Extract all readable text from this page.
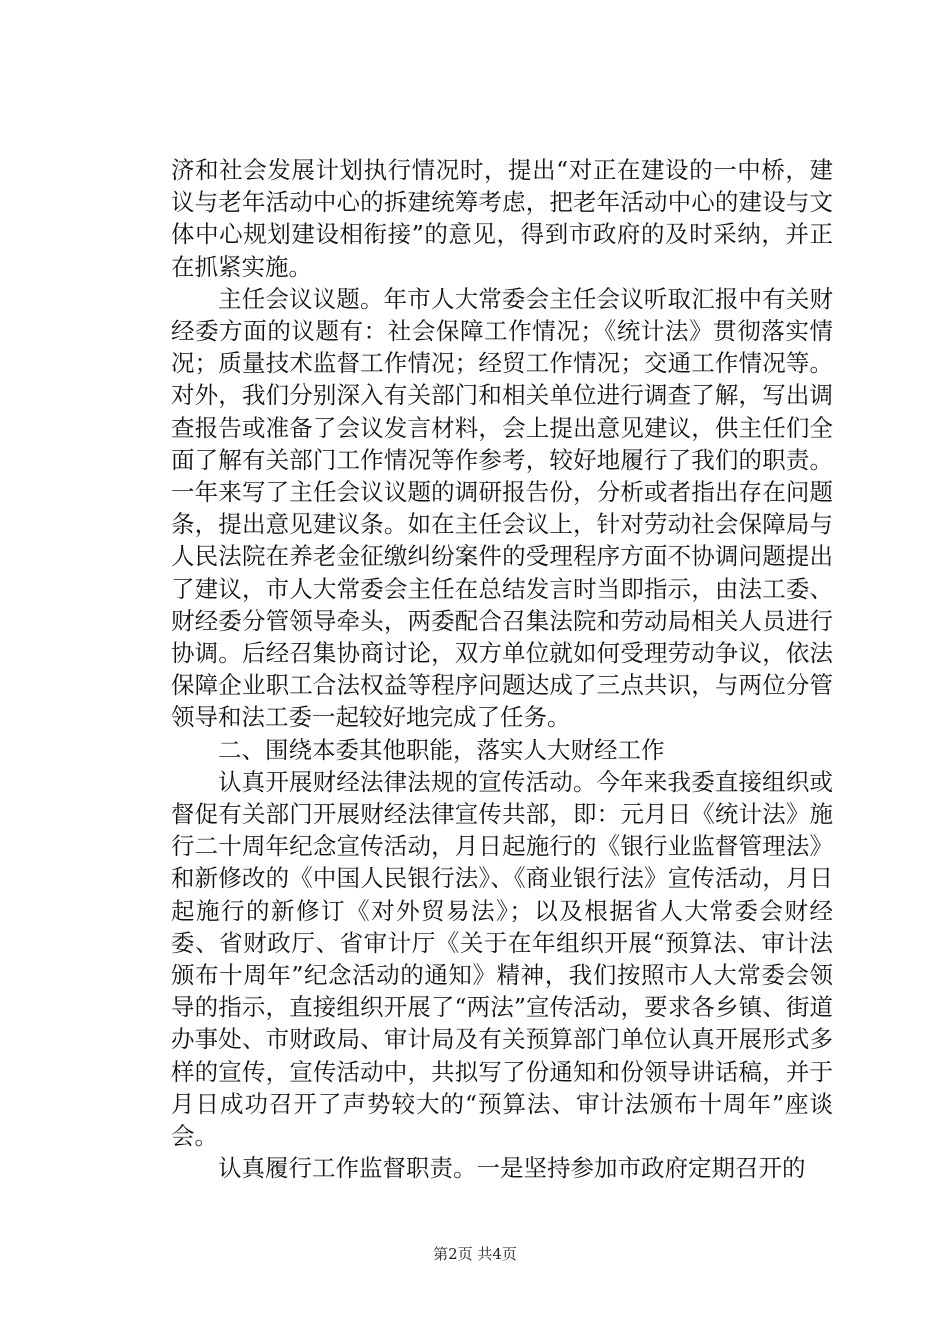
济和社会发展计划执行情况时，提出“对正在建设的一中桥，建议与老年活动中心的拆建统筹考虑，把老年活动中心的建设与文体中心规划建设相衔接”的意见，得到市政府的及时采纳，并正在抓紧实施。

主任会议议题。年市人大常委会主任会议听取汇报中有关财经委方面的议题有：社会保障工作情况；《统计法》贯彻落实情况；质量技术监督工作情况；经贸工作情况；交通工作情况等。对外，我们分别深入有关部门和相关单位进行调查了解，写出调查报告或准备了会议发言材料，会上提出意见建议，供主任们全面了解有关部门工作情况等作参考，较好地履行了我们的职责。一年来写了主任会议议题的调研报告份，分析或者指出存在问题条，提出意见建议条。如在主任会议上，针对劳动社会保障局与人民法院在养老金征缴纠纷案件的受理程序方面不协调问题提出了建议，市人大常委会主任在总结发言时当即指示，由法工委、财经委分管领导牵头，两委配合召集法院和劳动局相关人员进行协调。后经召集协商讨论，双方单位就如何受理劳动争议，依法保障企业职工合法权益等程序问题达成了三点共识，与两位分管领导和法工委一起较好地完成了任务。

二、围绕本委其他职能，落实人大财经工作

认真开展财经法律法规的宣传活动。今年来我委直接组织或督促有关部门开展财经法律宣传共部，即：元月日《统计法》施行二十周年纪念宣传活动，月日起施行的《银行业监督管理法》和新修改的《中国人民银行法》、《商业银行法》宣传活动，月日起施行的新修订《对外贸易法》；以及根据省人大常委会财经委、省财政厅、省审计厅《关于在年组织开展“预算法、审计法颁布十周年”纪念活动的通知》精神，我们按照市人大常委会领导的指示，直接组织开展了“两法”宣传活动，要求各乡镇、街道办事处、市财政局、审计局及有关预算部门单位认真开展形式多样的宣传，宣传活动中，共拟写了份通知和份领导讲话稿，并于月日成功召开了声势较大的“预算法、审计法颁布十周年”座谈会。

认真履行工作监督职责。一是坚持参加市政府定期召开的

第2页 共4页
